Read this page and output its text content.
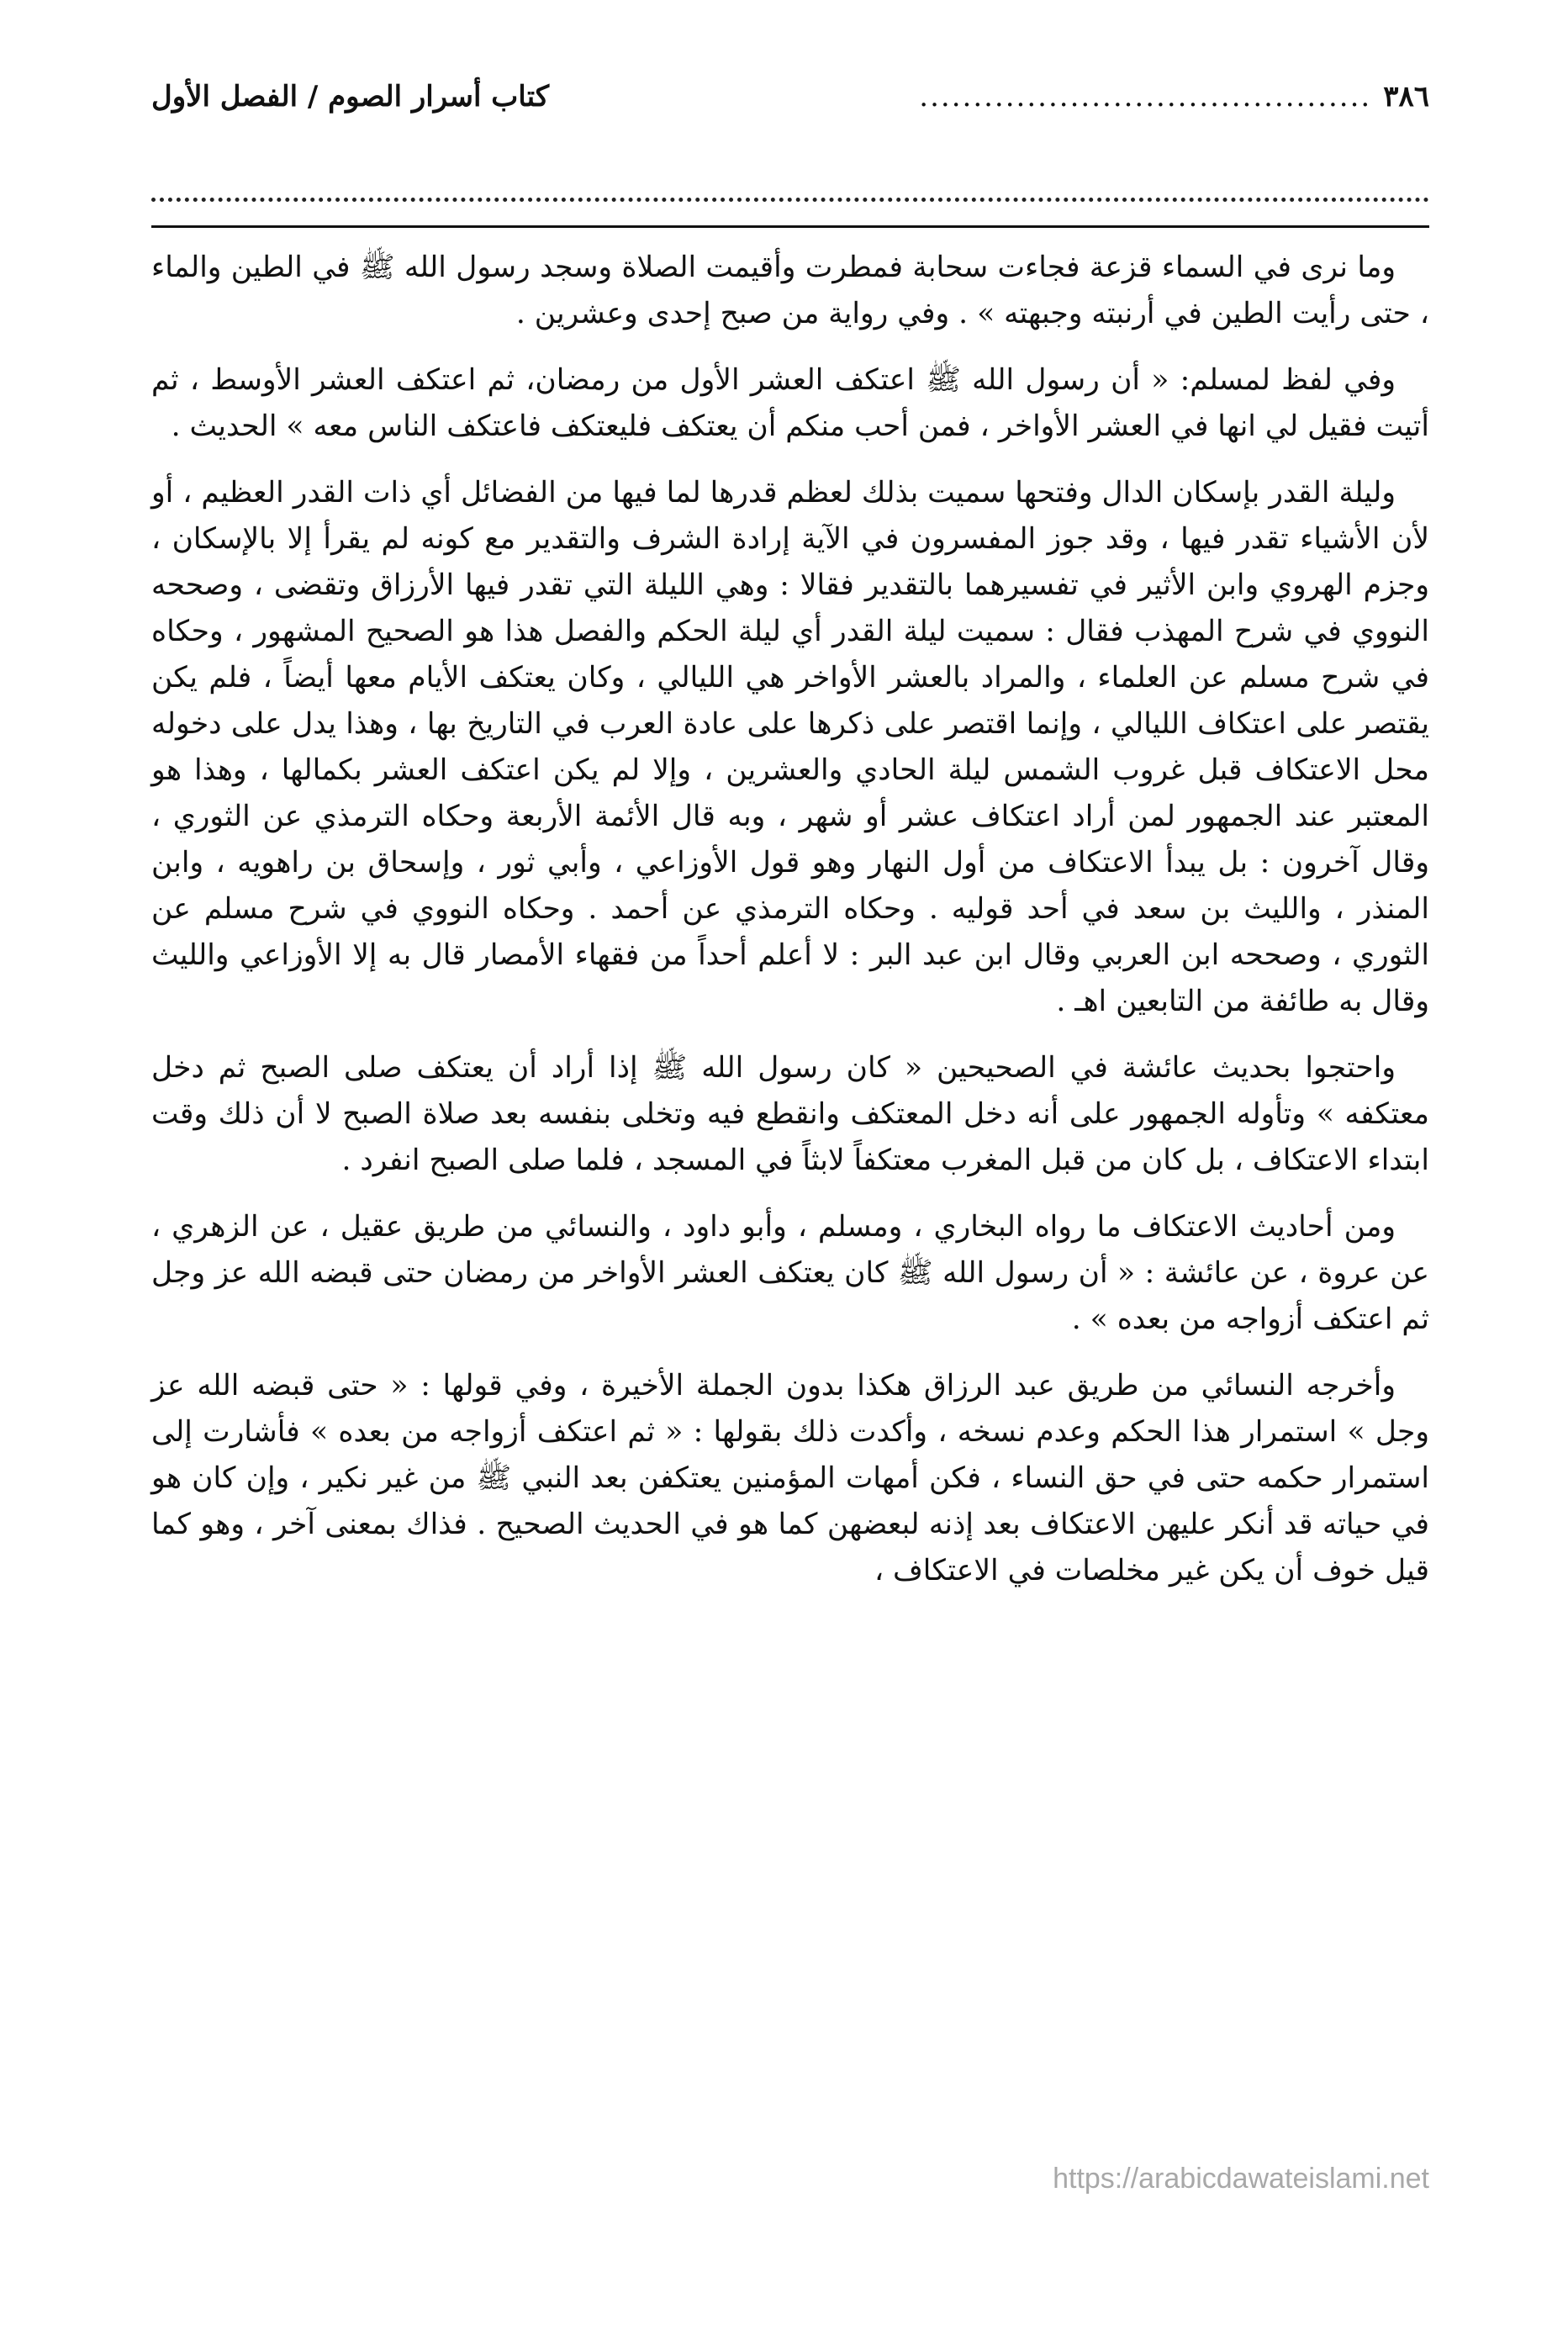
٣٨٦
..........................................
كتاب أسرار الصوم / الفصل الأول

وما نرى في السماء قزعة فجاءت سحابة فمطرت وأقيمت الصلاة وسجد رسول الله ﷺ في الطين والماء ، حتى رأيت الطين في أرنبته وجبهته » . وفي رواية من صبح إحدى وعشرين .

وفي لفظ لمسلم: « أن رسول الله ﷺ اعتكف العشر الأول من رمضان، ثم اعتكف العشر الأوسط ، ثم أتيت فقيل لي انها في العشر الأواخر ، فمن أحب منكم أن يعتكف فليعتكف فاعتكف الناس معه » الحديث .

وليلة القدر بإسكان الدال وفتحها سميت بذلك لعظم قدرها لما فيها من الفضائل أي ذات القدر العظيم ، أو لأن الأشياء تقدر فيها ، وقد جوز المفسرون في الآية إرادة الشرف والتقدير مع كونه لم يقرأ إلا بالإسكان ، وجزم الهروي وابن الأثير في تفسيرهما بالتقدير فقالا : وهي الليلة التي تقدر فيها الأرزاق وتقضى ، وصححه النووي في شرح المهذب فقال : سميت ليلة القدر أي ليلة الحكم والفصل هذا هو الصحيح المشهور ، وحكاه في شرح مسلم عن العلماء ، والمراد بالعشر الأواخر هي الليالي ، وكان يعتكف الأيام معها أيضاً ، فلم يكن يقتصر على اعتكاف الليالي ، وإنما اقتصر على ذكرها على عادة العرب في التاريخ بها ، وهذا يدل على دخوله محل الاعتكاف قبل غروب الشمس ليلة الحادي والعشرين ، وإلا لم يكن اعتكف العشر بكمالها ، وهذا هو المعتبر عند الجمهور لمن أراد اعتكاف عشر أو شهر ، وبه قال الأئمة الأربعة وحكاه الترمذي عن الثوري ، وقال آخرون : بل يبدأ الاعتكاف من أول النهار وهو قول الأوزاعي ، وأبي ثور ، وإسحاق بن راهويه ، وابن المنذر ، والليث بن سعد في أحد قوليه . وحكاه الترمذي عن أحمد . وحكاه النووي في شرح مسلم عن الثوري ، وصححه ابن العربي وقال ابن عبد البر : لا أعلم أحداً من فقهاء الأمصار قال به إلا الأوزاعي والليث وقال به طائفة من التابعين اهـ .

واحتجوا بحديث عائشة في الصحيحين « كان رسول الله ﷺ إذا أراد أن يعتكف صلى الصبح ثم دخل معتكفه » وتأوله الجمهور على أنه دخل المعتكف وانقطع فيه وتخلى بنفسه بعد صلاة الصبح لا أن ذلك وقت ابتداء الاعتكاف ، بل كان من قبل المغرب معتكفاً لابثاً في المسجد ، فلما صلى الصبح انفرد .

ومن أحاديث الاعتكاف ما رواه البخاري ، ومسلم ، وأبو داود ، والنسائي من طريق عقيل ، عن الزهري ، عن عروة ، عن عائشة : « أن رسول الله ﷺ كان يعتكف العشر الأواخر من رمضان حتى قبضه الله عز وجل ثم اعتكف أزواجه من بعده » .

وأخرجه النسائي من طريق عبد الرزاق هكذا بدون الجملة الأخيرة ، وفي قولها : « حتى قبضه الله عز وجل » استمرار هذا الحكم وعدم نسخه ، وأكدت ذلك بقولها : « ثم اعتكف أزواجه من بعده » فأشارت إلى استمرار حكمه حتى في حق النساء ، فكن أمهات المؤمنين يعتكفن بعد النبي ﷺ من غير نكير ، وإن كان هو في حياته قد أنكر عليهن الاعتكاف بعد إذنه لبعضهن كما هو في الحديث الصحيح . فذاك بمعنى آخر ، وهو كما قيل خوف أن يكن غير مخلصات في الاعتكاف ،

https://arabicdawateislami.net
